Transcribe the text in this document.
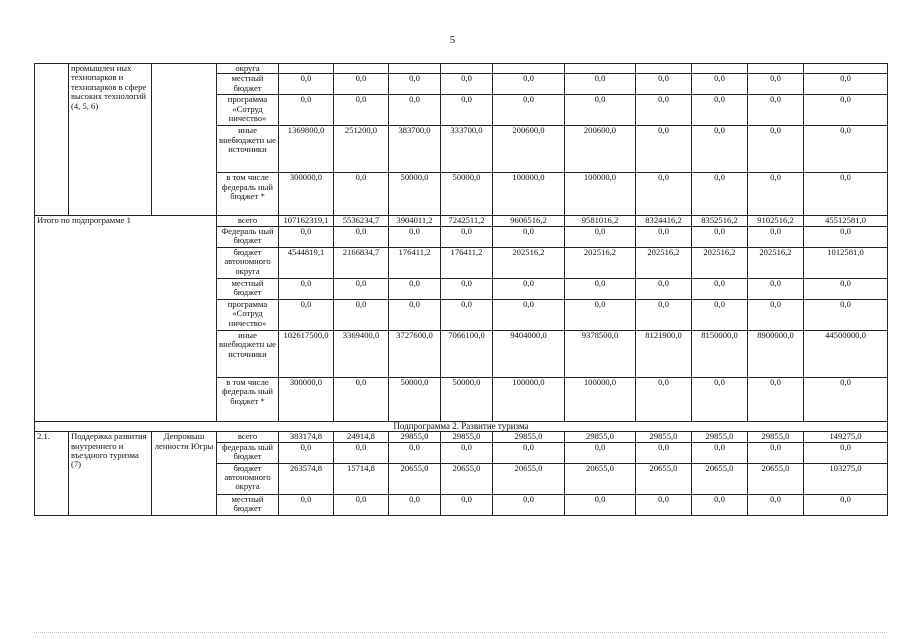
5
	промышлен ных технопарков и технопарков в сфере высоких технологий (4, 5, 6)		округа										
			местный бюджет	0,0	0,0	0,0	0,0	0,0	0,0	0,0	0,0	0,0	0,0
			программа «Сотруд ничество»	0,0	0,0	0,0	0,0	0,0	0,0	0,0	0,0	0,0	0,0
			иные внебюджетн ые источники	1369800,0	251200,0	383700,0	333700,0	200600,0	200600,0	0,0	0,0	0,0	0,0
			в том числе федераль ный бюджет *	300000,0	0,0	50000,0	50000,0	100000,0	100000,0	0,0	0,0	0,0	0,0
Итого по подпрограмме 1			всего	107162319,1	5536234,7	3904011,2	7242511,2	9606516,2	9581016,2	8324416,2	8352516,2	9102516,2	45512581,0
			Федераль ный бюджет	0,0	0,0	0,0	0,0	0,0	0,0	0,0	0,0	0,0	0,0
			бюджет автономного округа	4544819,1	2166834,7	176411,2	176411,2	202516,2	202516,2	202516,2	202516,2	202516,2	1012581,0
			местный бюджет	0,0	0,0	0,0	0,0	0,0	0,0	0,0	0,0	0,0	0,0
			программа «Сотруд ничество»	0,0	0,0	0,0	0,0	0,0	0,0	0,0	0,0	0,0	0,0
			иные внебюджетн ые источники	102617500,0	3369400,0	3727600,0	7066100,0	9404000,0	9378500,0	8121900,0	8150000,0	8900000,0	44500000,0
			в том числе федераль ный бюджет *	300000,0	0,0	50000,0	50000,0	100000,0	100000,0	0,0	0,0	0,0	0,0
Подпрограмма 2. Развитие туризма													
2.1.	Поддержка развития внутреннего и въездного туризма (7)	Депромыш ленности Югры	всего	383174,8	24914,8	29855,0	29855,0	29855,0	29855,0	29855,0	29855,0	29855,0	149275,0
			федераль ный бюджет	0,0	0,0	0,0	0,0	0,0	0,0	0,0	0,0	0,0	0,0
			бюджет автономного округа	263574,8	15714,8	20655,0	20655,0	20655,0	20655,0	20655,0	20655,0	20655,0	103275,0
			местный бюджет	0,0	0,0	0,0	0,0	0,0	0,0	0,0	0,0	0,0	0,0
